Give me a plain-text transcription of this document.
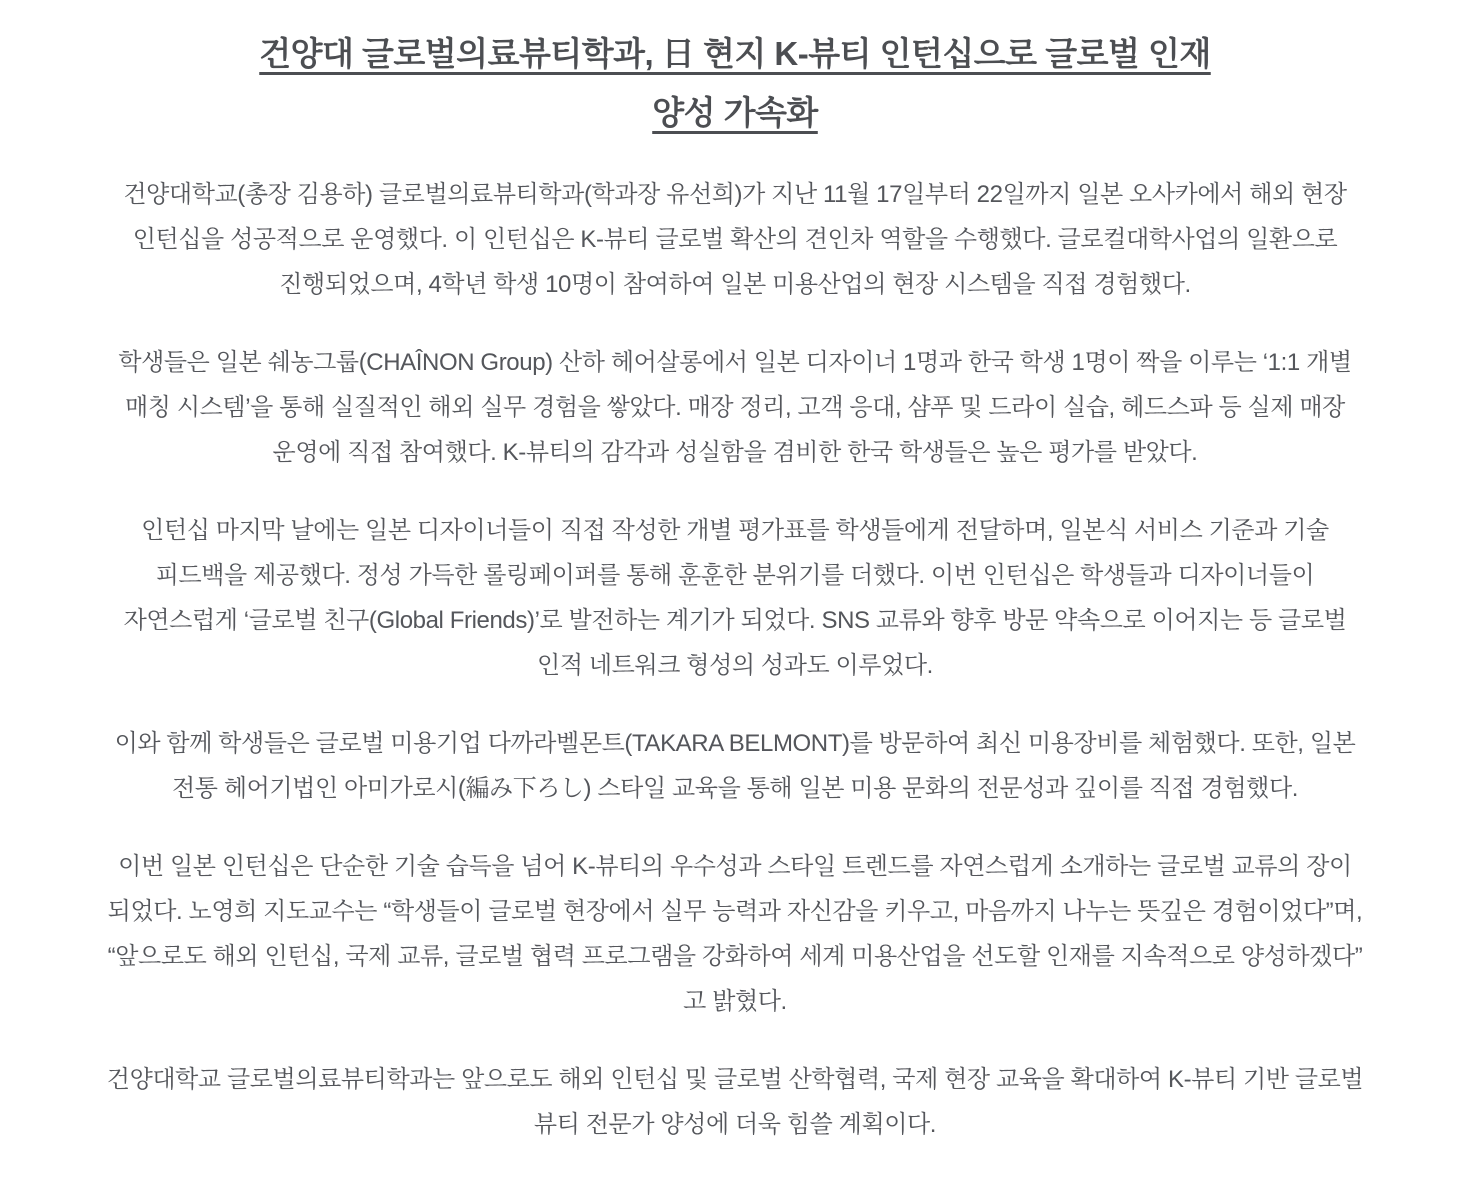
건양대 글로벌의료뷰티학과, 日 현지 K-뷰티 인턴십으로 글로벌 인재
양성 가속화

건양대학교(총장 김용하) 글로벌의료뷰티학과(학과장 유선희)가 지난 11월 17일부터 22일까지 일본 오사카에서 해외 현장
인턴십을 성공적으로 운영했다. 이 인턴십은 K-뷰티 글로벌 확산의 견인차 역할을 수행했다. 글로컬대학사업의 일환으로
진행되었으며, 4학년 학생 10명이 참여하여 일본 미용산업의 현장 시스템을 직접 경험했다.

학생들은 일본 쉐농그룹(CHAÎNON Group) 산하 헤어살롱에서 일본 디자이너 1명과 한국 학생 1명이 짝을 이루는 ‘1:1 개별
매칭 시스템’을 통해 실질적인 해외 실무 경험을 쌓았다. 매장 정리, 고객 응대, 샴푸 및 드라이 실습, 헤드스파 등 실제 매장
운영에 직접 참여했다. K-뷰티의 감각과 성실함을 겸비한 한국 학생들은 높은 평가를 받았다.

인턴십 마지막 날에는 일본 디자이너들이 직접 작성한 개별 평가표를 학생들에게 전달하며, 일본식 서비스 기준과 기술
피드백을 제공했다. 정성 가득한 롤링페이퍼를 통해 훈훈한 분위기를 더했다. 이번 인턴십은 학생들과 디자이너들이
자연스럽게 ‘글로벌 친구(Global Friends)’로 발전하는 계기가 되었다. SNS 교류와 향후 방문 약속으로 이어지는 등 글로벌
인적 네트워크 형성의 성과도 이루었다.

이와 함께 학생들은 글로벌 미용기업 다까라벨몬트(TAKARA BELMONT)를 방문하여 최신 미용장비를 체험했다. 또한, 일본
전통 헤어기법인 아미가로시(編み下ろし) 스타일 교육을 통해 일본 미용 문화의 전문성과 깊이를 직접 경험했다.

이번 일본 인턴십은 단순한 기술 습득을 넘어 K-뷰티의 우수성과 스타일 트렌드를 자연스럽게 소개하는 글로벌 교류의 장이
되었다. 노영희 지도교수는 “학생들이 글로벌 현장에서 실무 능력과 자신감을 키우고, 마음까지 나누는 뜻깊은 경험이었다”며,
“앞으로도 해외 인턴십, 국제 교류, 글로벌 협력 프로그램을 강화하여 세계 미용산업을 선도할 인재를 지속적으로 양성하겠다”
고 밝혔다.

건양대학교 글로벌의료뷰티학과는 앞으로도 해외 인턴십 및 글로벌 산학협력, 국제 현장 교육을 확대하여 K-뷰티 기반 글로벌
뷰티 전문가 양성에 더욱 힘쓸 계획이다.
